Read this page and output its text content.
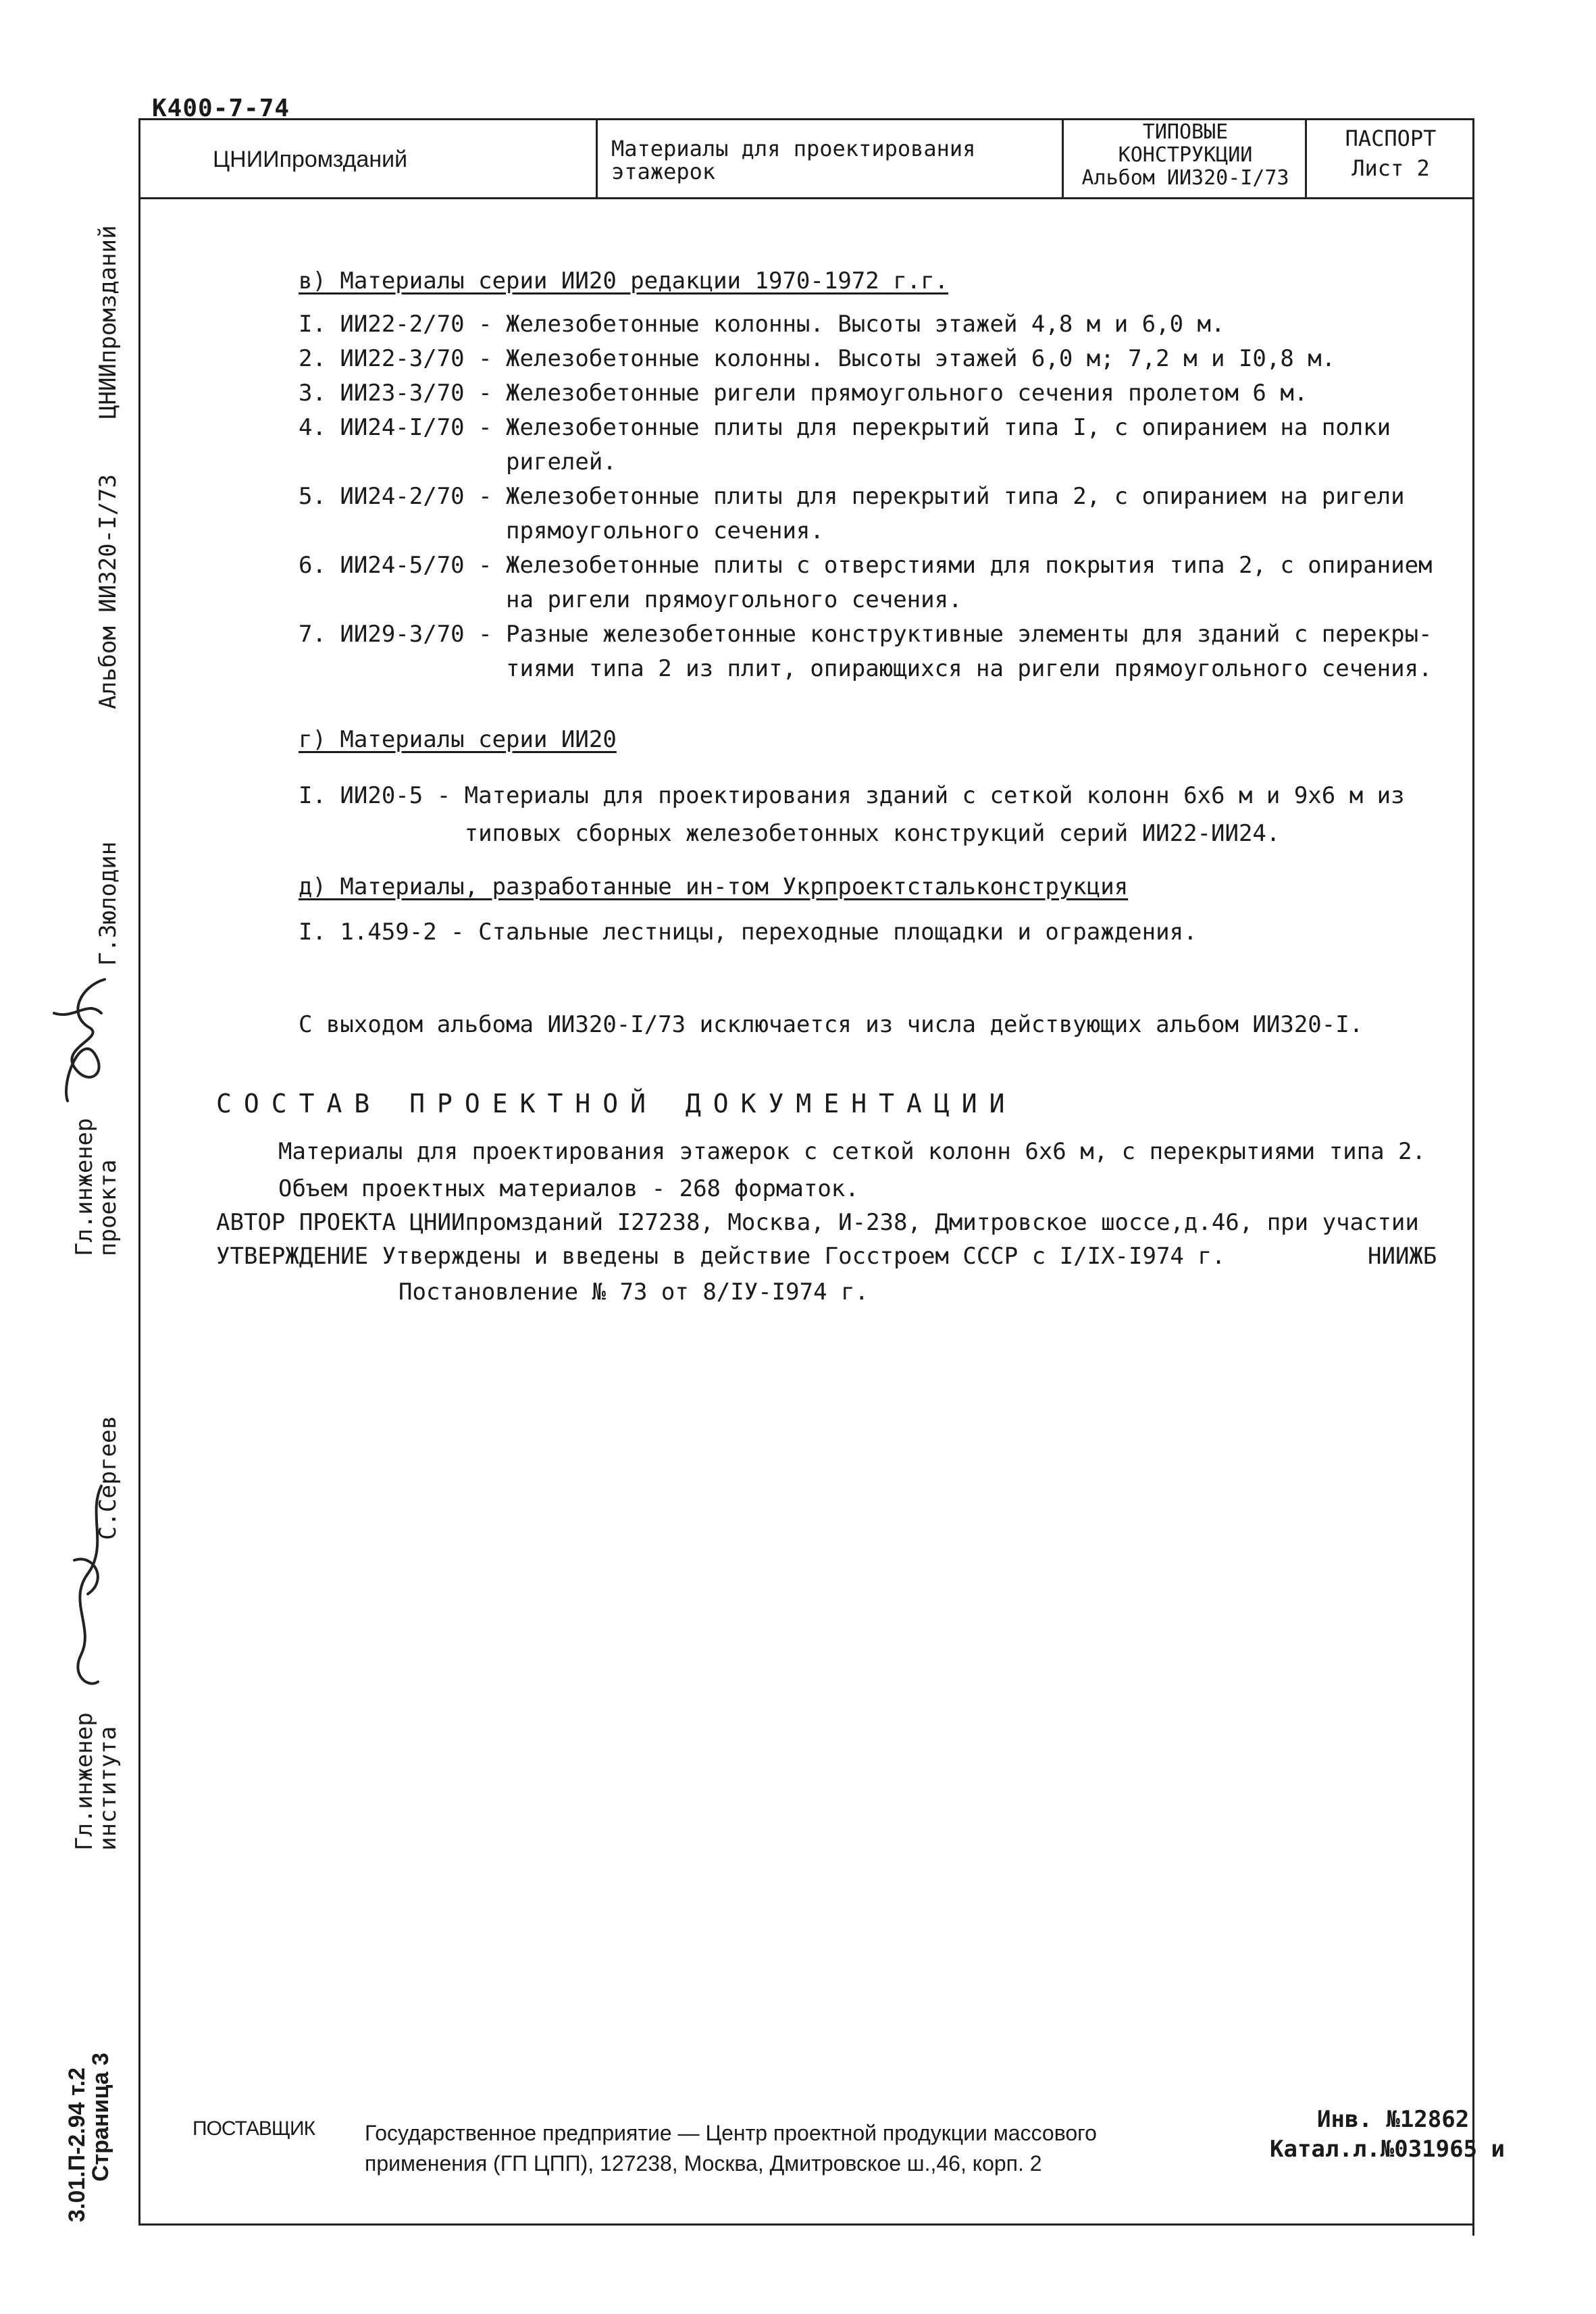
К400-7-74
ЦНИИпромзданий	Материалы для проектирования
этажерок
ТИПОВЫЕ
КОНСТРУКЦИИ
Альбом ИИ320-I/73
ПАСПОРТ
Лист 2
ЦНИИпромзданий
Альбом ИИ320-I/73
Г.Зюлодин
Гл.инженер
проекта
С.Сергеев
Гл.инженер
института
3.01.П-2.94 т.2
Страница 3
в) Материалы серии ИИ20 редакции 1970-1972 г.г.
I. ИИ22-2/70 - Железобетонные колонны. Высоты этажей 4,8 м и 6,0 м.
2. ИИ22-3/70 - Железобетонные колонны. Высоты этажей 6,0 м; 7,2 м и I0,8 м.
3. ИИ23-3/70 - Железобетонные ригели прямоугольного сечения пролетом 6 м.
4. ИИ24-I/70 - Железобетонные плиты для перекрытий типа I, с опиранием на полки
ригелей.
5. ИИ24-2/70 - Железобетонные плиты для перекрытий типа 2, с опиранием на ригели
прямоугольного сечения.
6. ИИ24-5/70 - Железобетонные плиты с отверстиями для покрытия типа 2, с опиранием
на ригели прямоугольного сечения.
7. ИИ29-3/70 - Разные железобетонные конструктивные элементы для зданий с перекры-
тиями типа 2 из плит, опирающихся на ригели прямоугольного сечения.
г) Материалы серии ИИ20
I. ИИ20-5 - Материалы для проектирования зданий с сеткой колонн 6х6 м и 9х6 м из
типовых сборных железобетонных конструкций серий ИИ22-ИИ24.
д) Материалы, разработанные ин-том Укрпроектстальконструкция
I. 1.459-2 - Стальные лестницы, переходные площадки и ограждения.
С выходом альбома ИИ320-I/73 исключается из числа действующих альбом ИИ320-I.
СОСТАВ ПРОЕКТНОЙ ДОКУМЕНТАЦИИ
Материалы для проектирования этажерок с сеткой колонн 6х6 м, с перекрытиями типа 2.
Объем проектных материалов - 268 форматок.
АВТОР ПРОЕКТА ЦНИИпромзданий I27238, Москва, И-238, Дмитровское шоссе,д.46, при участии
УТВЕРЖДЕНИЕ Утверждены и введены в действие Госстроем СССР с I/IX-I974 г.	НИИЖБ
Постановление № 73 от 8/IУ-I974 г.
ПОСТАВЩИК Государственное предприятие — Центр проектной продукции массового
применения (ГП ЦПП), 127238, Москва, Дмитровское ш.,46, корп. 2
Инв. №12862
Катал.л.№031965 и
